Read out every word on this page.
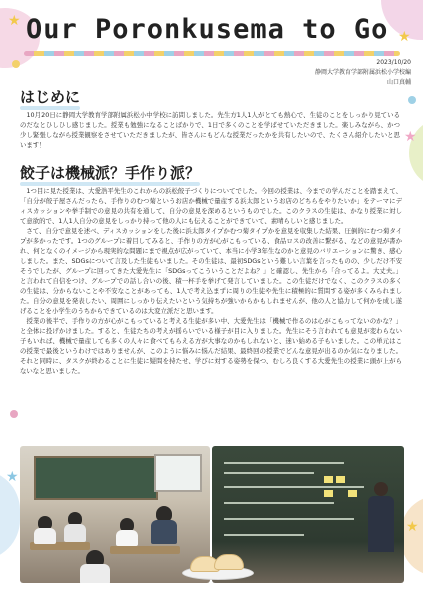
★
★
★
★
★
Our Poronkusema to Go
2023/10/20
静岡大学教育学部附属浜松小学校編
山口真輔
はじめに

　10月20日に静岡大学教育学部附属浜松小中学校に訪問しました。先生方1人1人がとても熱心で、生徒のことをしっかり見ているのだなとひしひし感じました。授業も勉強になることばかりで、1日で多くのことを学ばせていただきました。楽しみながら、かつ少し緊張しながら授業観察をさせていただきましたが、皆さんにもどんな授業だったかを共有したいので、たくさん紹介したいと思います！

餃子は機械派？手作り派？

　1つ目に見た授業は、大愛浩平先生のこれからの浜松餃子づくりについてでした。今回の授業は、今までの学んだことを踏まえて、「自分が餃子屋さんだったら、手作りのむつ菊というお店か機械で量産する浜太郎というお店のどちらをやりたいか」をテーマにディスカッションや挙手制での意見の共有を通して、自分の意見を深めるというものでした。このクラスの生徒は、かなり授業に対して意欲的で、1人1人自分の意見をしっかり持って他の人にも伝えることができていて、素晴らしいと感じました。

　さて、自分で意見を述べ、ディスカッションをした後に浜太郎タイプかむつ菊タイプかを意見を収集した結果、圧倒的にむつ菊タイプが多かったです。1つのグループに着目してみると、手作りの方が心がこもっている、食品ロスの改善に繋がる、などの意見が書かれ、何となくのイメージから現実的な問題にまで視点が広がっていて、本当に小学3年生なのかと意見のバリエーションに驚き、感心しました。また、SDGsについて言及した生徒もいました。その生徒は、最初SDGsという難しい言葉を言ったものの、少しだけ不安そうでしたが、グループに回ってきた大愛先生に「SDGsってこういうことだよね？」と確認し、先生から「合ってるよ。大丈夫。」と言われて自信をつけ、グループでの話し合いの後、積一杯手を挙げて発言していました。この生徒だけでなく、このクラスの多くの生徒は、分からないことや不安なことがあっても、1人で考え込まずに周りの生徒や先生に積極的に質問する姿が多くみられました。自分の意見を発表したい、周囲にしっかり伝えたいという気持ちが強いからかもしれませんが、他の人と協力して何かを成し遂げることを小学生のうちからできているのは大変立派だと思います。

　授業の後半で、手作りの方が心がこもっていると考える生徒が多い中、大愛先生は「機械で作るのは心がこもってないのかな？」と全体に投げかけました。すると、生徒たちの考えが揺らいでいる様子が目に入りました。先生にそう言われても意見が変わらない子もいれば、機械で量産しても多くの人々に食べてもらえる方が大事なのかもしれないと、迷い始める子もいました。この単元はこの授業で最後というわけではありませんが、このように悩みに悩んだ結果、最終回の授業でどんな意見が出るのか気になりました。それと同時に、タスクが終わることに生徒に疑問を持たせ、学びに対する姿勢を保つ、むしろ良くする大愛先生の授業に頭が上がらないなと思いました。
